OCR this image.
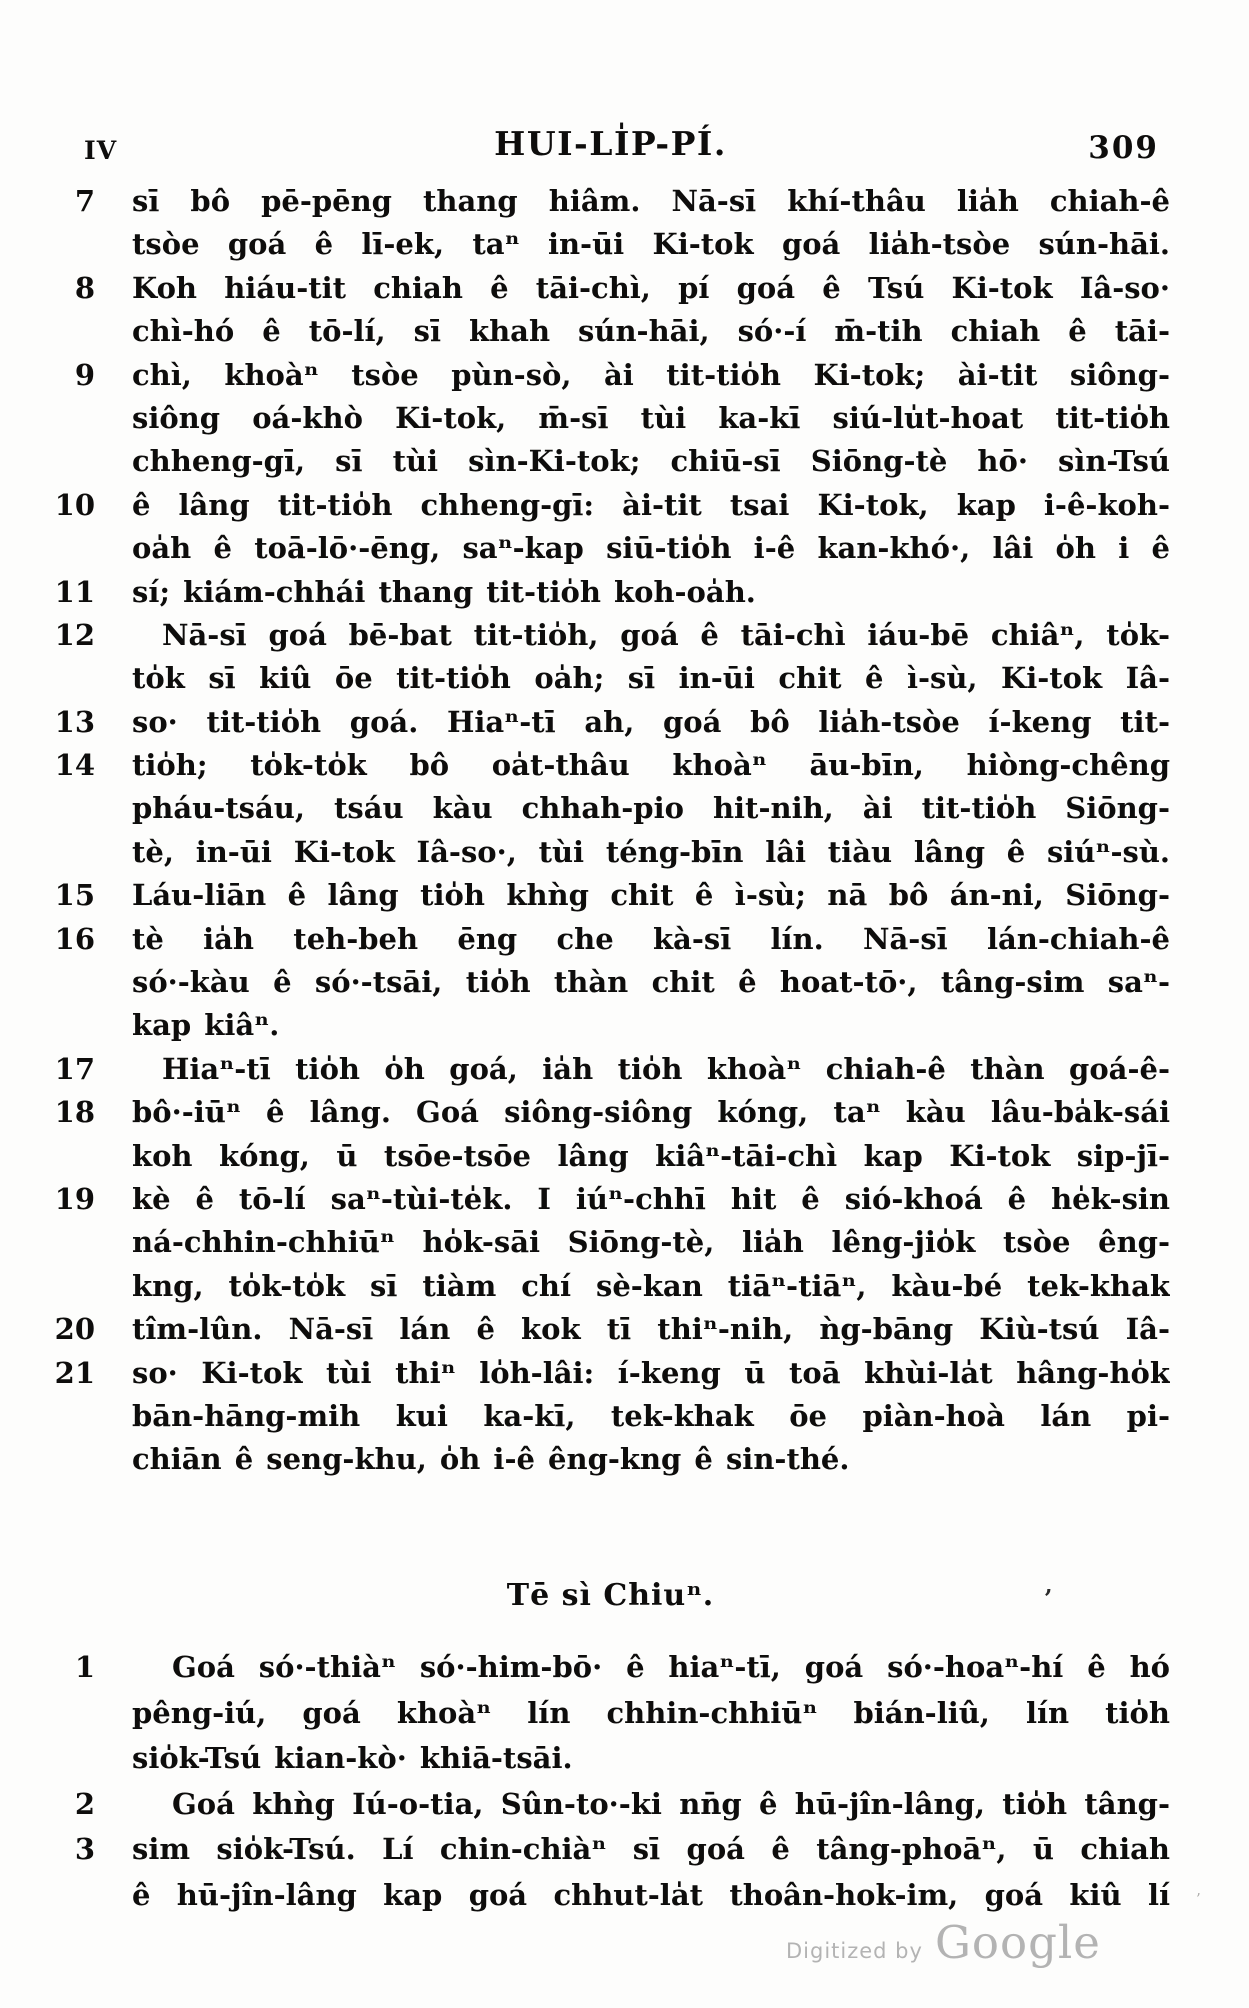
IV	HUI-LI̍P-PÍ.	309
7 sī bô pē-pēng thang hiâm. Nā-sī khí-thâu lia̍h chiah-ê
tsòe goá ê lī-ek, taⁿ in-ūi Ki-tok goá lia̍h-tsòe sún-hāi.
8 Koh hiáu-tit chiah ê tāi-chì, pí goá ê Tsú Ki-tok Iâ-so·
chì-hó ê tō-lí, sī khah sún-hāi, só·-í m̄-tih chiah ê tāi-
9 chì, khoàⁿ tsòe pùn-sò, ài tit-tio̍h Ki-tok; ài-tit siông-
siông oá-khò Ki-tok, m̄-sī tùi ka-kī siú-lu̍t-hoat tit-tio̍h
chheng-gī, sī tùi sìn-Ki-tok; chiū-sī Siōng-tè hō· sìn-Tsú
10 ê lâng tit-tio̍h chheng-gī: ài-tit tsai Ki-tok, kap i-ê-koh-
oa̍h ê toā-lō·-ēng, saⁿ-kap siū-tio̍h i-ê kan-khó·, lâi o̍h i ê
11 sí; kiám-chhái thang tit-tio̍h koh-oa̍h.
12	Nā-sī goá bē-bat tit-tio̍h, goá ê tāi-chì iáu-bē chiâⁿ, to̍k-
to̍k sī kiû ōe tit-tio̍h oa̍h; sī in-ūi chit ê ì-sù, Ki-tok Iâ-
13 so· tit-tio̍h goá. Hiaⁿ-tī ah, goá bô lia̍h-tsòe í-keng tit-
14 tio̍h; to̍k-to̍k bô oa̍t-thâu khoàⁿ āu-bīn, hiòng-chêng
pháu-tsáu, tsáu kàu chhah-pio hit-nih, ài tit-tio̍h Siōng-
tè, in-ūi Ki-tok Iâ-so·, tùi téng-bīn lâi tiàu lâng ê siúⁿ-sù.
15 Láu-liān ê lâng tio̍h khǹg chit ê ì-sù; nā bô án-ni, Siōng-
16 tè ia̍h teh-beh ēng che kà-sī lín. Nā-sī lán-chiah-ê
só·-kàu ê só·-tsāi, tio̍h thàn chit ê hoat-tō·, tâng-sim saⁿ-
kap kiâⁿ.
17	Hiaⁿ-tī tio̍h o̍h goá, ia̍h tio̍h khoàⁿ chiah-ê thàn goá-ê-
18 bô·-iūⁿ ê lâng. Goá siông-siông kóng, taⁿ kàu lâu-ba̍k-sái
koh kóng, ū tsōe-tsōe lâng kiâⁿ-tāi-chì kap Ki-tok sip-jī-
19 kè ê tō-lí saⁿ-tùi-te̍k. I iúⁿ-chhī hit ê sió-khoá ê he̍k-sin
ná-chhin-chhiūⁿ ho̍k-sāi Siōng-tè, lia̍h lêng-jio̍k tsòe êng-
kng, to̍k-to̍k sī tiàm chí sè-kan tiāⁿ-tiāⁿ, kàu-bé tek-khak
20 tîm-lûn. Nā-sī lán ê kok tī thiⁿ-nih, ǹg-bāng Kiù-tsú Iâ-
21 so· Ki-tok tùi thiⁿ lo̍h-lâi: í-keng ū toā khùi-la̍t hâng-ho̍k
bān-hāng-mih kui ka-kī, tek-khak ōe piàn-hoà lán pi-
chiān ê seng-khu, o̍h i-ê êng-kng ê sin-thé.
Tē sì Chiuⁿ.	’
1	Goá só·-thiàⁿ só·-him-bō· ê hiaⁿ-tī, goá só·-hoaⁿ-hí ê hó
pêng-iú, goá khoàⁿ lín chhin-chhiūⁿ bián-liû, lín tio̍h
sio̍k-Tsú kian-kò· khiā-tsāi.
2	Goá khǹg Iú-o-tia, Sûn-to·-ki nn̄g ê hū-jîn-lâng, tio̍h tâng-
3 sim sio̍k-Tsú. Lí chin-chiàⁿ sī goá ê tâng-phoāⁿ, ū chiah
ê hū-jîn-lâng kap goá chhut-la̍t thoân-hok-im, goá kiû lí ’
Digitized by Google
